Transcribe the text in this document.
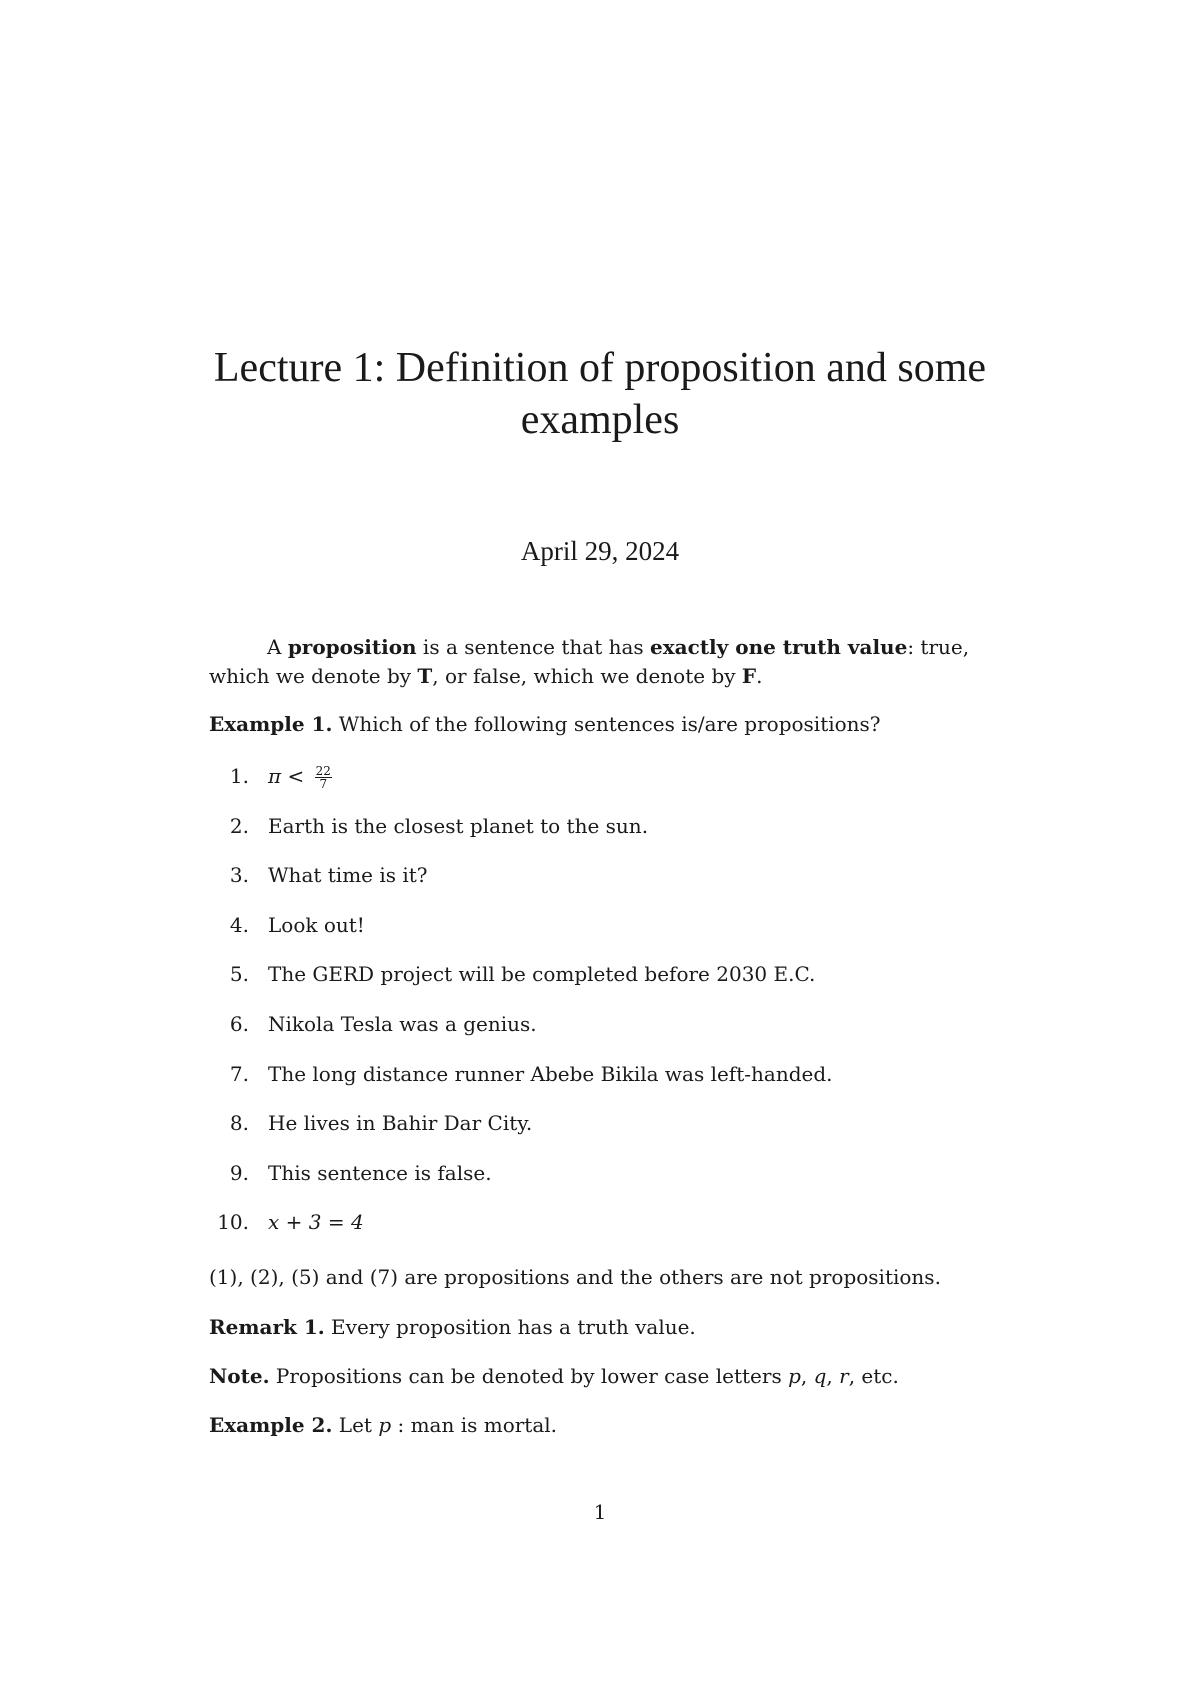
Lecture 1: Definition of proposition and some examples
April 29, 2024
A proposition is a sentence that has exactly one truth value: true, which we denote by T, or false, which we denote by F.
Example 1. Which of the following sentences is/are propositions?
1. $\pi < \frac{22}{7}$
2. Earth is the closest planet to the sun.
3. What time is it?
4. Look out!
5. The GERD project will be completed before 2030 E.C.
6. Nikola Tesla was a genius.
7. The long distance runner Abebe Bikila was left-handed.
8. He lives in Bahir Dar City.
9. This sentence is false.
10. x + 3 = 4
(1), (2), (5) and (7) are propositions and the others are not propositions.
Remark 1. Every proposition has a truth value.
Note. Propositions can be denoted by lower case letters p, q, r, etc.
Example 2. Let p : man is mortal.
1
